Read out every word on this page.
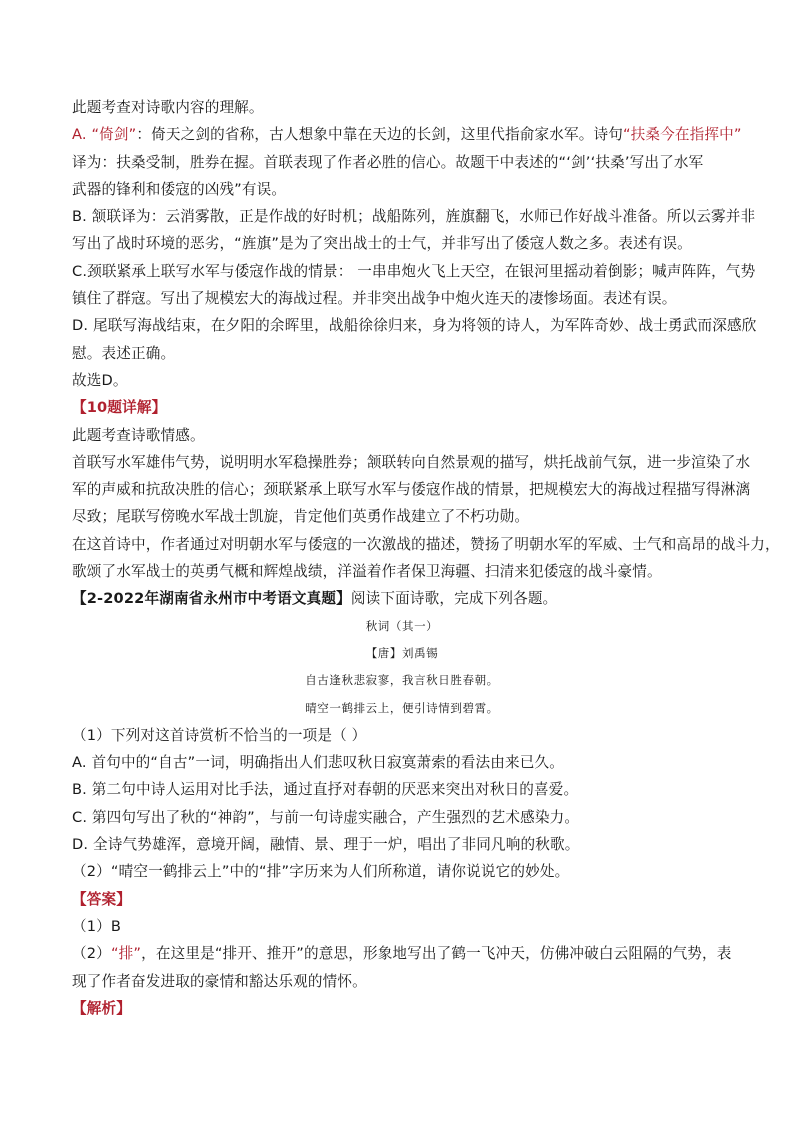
此题考查对诗歌内容的理解。
A. “倚剑”：倚天之剑的省称，古人想象中靠在天边的长剑，这里代指俞家水军。诗句“扶桑今在指挥中”
译为：扶桑受制，胜券在握。首联表现了作者必胜的信心。故题干中表述的“‘剑’‘扶桑’写出了水军
武器的锋利和倭寇的凶残”有误。
B. 颔联译为：云消雾散，正是作战的好时机；战船陈列，旌旗翻飞，水师已作好战斗准备。所以云雾并非
写出了战时环境的恶劣，“旌旗”是为了突出战士的士气，并非写出了倭寇人数之多。表述有误。
C.颈联紧承上联写水军与倭寇作战的情景： 一串串炮火飞上天空，在银河里摇动着倒影；喊声阵阵，气势
镇住了群寇。写出了规模宏大的海战过程。并非突出战争中炮火连天的凄惨场面。表述有误。
D. 尾联写海战结束，在夕阳的余晖里，战船徐徐归来，身为将领的诗人，为军阵奇妙、战士勇武而深感欣
慰。表述正确。
故选D。
【10题详解】
此题考查诗歌情感。
首联写水军雄伟气势，说明明水军稳操胜券；颔联转向自然景观的描写，烘托战前气氛，进一步渲染了水
军的声威和抗敌决胜的信心；颈联紧承上联写水军与倭寇作战的情景，把规模宏大的海战过程描写得淋漓
尽致；尾联写傍晚水军战士凯旋，肯定他们英勇作战建立了不朽功勋。
在这首诗中，作者通过对明朝水军与倭寇的一次激战的描述，赞扬了明朝水军的军威、士气和高昂的战斗力，
歌颂了水军战士的英勇气概和辉煌战绩，洋溢着作者保卫海疆、扫清来犯倭寇的战斗豪情。
【2-2022年湖南省永州市中考语文真题】阅读下面诗歌，完成下列各题。
秋词（其一）
【唐】刘禹锡
自古逢秋悲寂寥，我言秋日胜春朝。
晴空一鹤排云上，便引诗情到碧霄。
（1）下列对这首诗赏析不恰当的一项是（ ）
A. 首句中的“自古”一词，明确指出人们悲叹秋日寂寞萧索的看法由来已久。
B. 第二句中诗人运用对比手法，通过直抒对春朝的厌恶来突出对秋日的喜爱。
C. 第四句写出了秋的“神韵”，与前一句诗虚实融合，产生强烈的艺术感染力。
D. 全诗气势雄浑，意境开阔，融情、景、理于一炉，唱出了非同凡响的秋歌。
（2）“晴空一鹤排云上”中的“排”字历来为人们所称道，请你说说它的妙处。
【答案】
（1）B
（2）“排”，在这里是“排开、推开”的意思，形象地写出了鹤一飞冲天，仿佛冲破白云阻隔的气势，表
现了作者奋发进取的豪情和豁达乐观的情怀。
【解析】
